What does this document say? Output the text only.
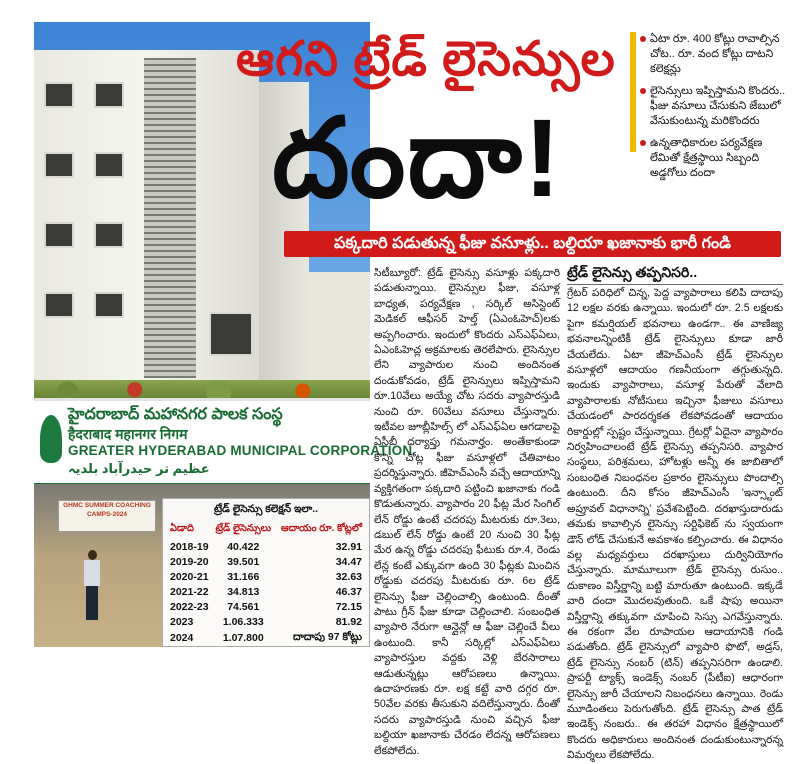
హైదరాబాద్ మహానగర పాలక సంస్థ
हैदराबाद महानगर निगम
GREATER HYDERABAD MUNICIPAL CORPORATION
عظیم تر حیدرآباد بلدیہ
GHMC SUMMER COACHING CAMPS-2024	ట్రేడ్ లైసెన్సు కలెక్షన్ ఇలా..
ఏడాది	ట్రేడ్ లైసెన్సులు	ఆదాయం రూ. కోట్లలో
2018-19	40.422	32.91
2019-20	39.501	34.47
2020-21	31.166	32.63
2021-22	34.813	46.37
2022-23	74.561	72.15
2023	1.06.333	81.92
2024	1.07.800	దాదాపు 97 కోట్లు
ఆగని ట్రేడ్ లైసెన్సుల
దందా!
ఏటా రూ. 400 కోట్లు రావాల్సిన చోట.. రూ. వంద కోట్లు దాటని కలెక్షన్లు
లైసెన్సులు ఇప్పిస్తామని కొందరు.. ఫీజు వసూలు చేసుకుని జేబులో వేసుకుంటున్న మరికొందరు
ఉన్నతాధికారుల పర్యవేక్షణ లేమితో క్షేత్రస్థాయి సిబ్బంది అడ్డగోలు దందా
పక్కదారి పడుతున్న ఫీజు వసూళ్లు.. బల్దియా ఖజానాకు భారీ గండి

సిటీబ్యూరో: ట్రేడ్ లైసెన్సు వసూళ్లు పక్కదారి పడుతున్నాయి. లైసెన్సుల ఫీజు, వసూళ్ల బాధ్యత, పర్యవేక్షణ , సర్కిల్ అసిస్టెంట్ మెడికల్ ఆఫీసర్ హెల్త్ (ఏఎంఓహెచ్)లకు అప్పగించారు. ఇందులో కొందరు ఎస్ఎఫ్ఏలు, ఏఎంఓహెచ్ల అక్రమాలకు తెరలేపారు. లైసెన్సుల లేని వ్యాపారుల నుంచి అందినంత దండుకోవడం, ట్రేడ్ లైసెన్సులు ఇప్పిస్తామని రూ.10వేలు అయ్యే చోట సదరు వ్యాపారస్తుడి నుంచి రూ. 60వేలు వసూలు చేస్తున్నారు. ఇటీవల జూబ్లీహిల్స్ లో ఎస్ఎఫ్ఏల ఆగడాలపై ఏసీబీ దర్యాప్తు గమనార్హం. అంతేకాకుండా కొన్ని చోట్ల ఫీజు వసూళ్లలో చేతివాటం ప్రదర్శిస్తున్నారు. జీహెచ్ఎంసీ వచ్చే ఆదాయాన్ని వ్యక్తిగతంగా పక్కదారి పట్టించి ఖజానాకు గండి కొడుతున్నారు. వ్యాపారం 20 ఫీట్ల మేర సింగిల్ లేన్ రోడ్డు ఉంటే చదరపు మీటరుకు రూ.3లు, డబుల్ లేన్ రోడ్డు ఉంటే 20 నుంచి 30 ఫీట్ల మేర ఉన్న రోడ్డు చదరపు ఫీటుకు రూ.4, రెండు లేన్ల కంటే ఎక్కువగా ఉంది 30 ఫీట్లకు మించిన రోడ్డుకు చదరపు మీటరుకు రూ. 6ల ట్రేడ్ లైసెన్సు ఫీజు చెల్లించాల్సి ఉంటుంది. దీంతో పాటు గ్రీన్ ఫీజు కూడా చెల్లించాలి. సంబంధిత వ్యాపారి నేరుగా ఆన్లైన్లో ఆ ఫీజు చెల్లించే వీలు ఉంటుంది. కానీ సర్కిల్లో ఎస్ఎఫ్ఏలు వ్యాపారస్తుల వద్దకు వెళ్లి బేరసారాలు ఆడుతున్నట్లు ఆరోపణలు ఉన్నాయి. ఉదాహరణకు రూ. లక్ష కట్టే వారి దగ్గర రూ. 50వేల వరకు తీసుకుని వదిలేస్తున్నారు. దీంతో సదరు వ్యాపారస్తుడి నుంచి వచ్చిన ఫీజు బల్దియా ఖజానాకు చేరడం లేదన్న ఆరోపణలు లేకపోలేదు.

ట్రేడ్ లైసెన్సు తప్పనిసరి..

గ్రేటర్ పరిధిలో చిన్న, పెద్ద వ్యాపారాలు కలిపి దాదాపు 12 లక్షల వరకు ఉన్నాయి. ఇందులో రూ. 2.5 లక్షలకు పైగా కమర్షియల్ భవనాలు ఉండగా.. ఈ వాణిజ్య భవనాలన్నింటికీ ట్రేడ్ లైసెన్సులు కూడా జారీ చేయలేదు. ఏటా జీహెచ్ఎంసీ ట్రేడ్ లైసెన్సుల వసూళ్లలో ఆదాయం గణనీయంగా తగ్గుతున్నది. ఇందుకు వ్యాపారాలు, వసూళ్ల పేరుతో వేలాది వ్యాపారాలకు నోటీసులు ఇచ్చినా ఫీజులు వసూలు చేయడంలో పారదర్శకత లేకపోవడంతో ఆదాయం రికార్డుల్లో స్పష్టం చేస్తున్నాయి. గ్రేటర్లో ఏదైనా వ్యాపారం నిర్వహించాలంటే ట్రేడ్ లైసెన్సు తప్పనిసరి. వ్యాపార సంస్థలు, పరిశ్రమలు, హోటళ్లు అన్నీ ఈ జాబితాలో సంబంధిత నిబంధనల ప్రకారం లైసెన్సులు పొందాల్సి ఉంటుంది. దీని కోసం జీహెచ్ఎంసీ 'ఇన్స్టాంట్ అప్రూవల్ విధానాన్ని' ప్రవేశపెట్టింది. దరఖాస్తుదారుడు తమకు కావాల్సిన లైసెన్సు సర్టిఫికెట్ ను స్వయంగా డౌన్ లోడ్ చేసుకునే అవకాశం కల్పించారు. ఈ విధానం వల్ల మధ్యవర్తులు దరఖాస్తులు దుర్వినియోగం చేస్తున్నారు. మామూలుగా ట్రేడ్ లైసెన్సు రుసుం.. దుకాణం విస్తీర్ణాన్ని బట్టి మారుతూ ఉంటుంది. ఇక్కడే వారి దందా మొదలవుతుంది. ఒకే షాపు అయినా విస్తీర్ణాన్ని తక్కువగా చూపించి సెస్సు ఎగవేస్తున్నారు. ఈ రకంగా వేల రూపాయల ఆదాయానికి గండి పడుతోంది. ట్రేడ్ లైసెన్సులో వ్యాపారి ఫొటో, అడ్రస్, ట్రేడ్ లైసెన్సు నంబర్ (టిన్) తప్పనిసరిగా ఉండాలి. ప్రాపర్టీ ట్యాక్స్ ఇండెక్స్ నంబర్ (పీటీఐ) ఆధారంగా లైసెన్సు జారీ చేయాలని నిబంధనలు ఉన్నాయి. రెండు మూడింతలు పెరుగుతోంది. ట్రేడ్ లైసెన్సు పాత ట్రేడ్ ఇండెక్స్ నంబరు.. ఈ తరహా విధానం క్షేత్రస్థాయిలో కొందరు అధికారులు అందినంత దండుకుంటున్నారన్న విమర్శలు లేకపోలేదు.
